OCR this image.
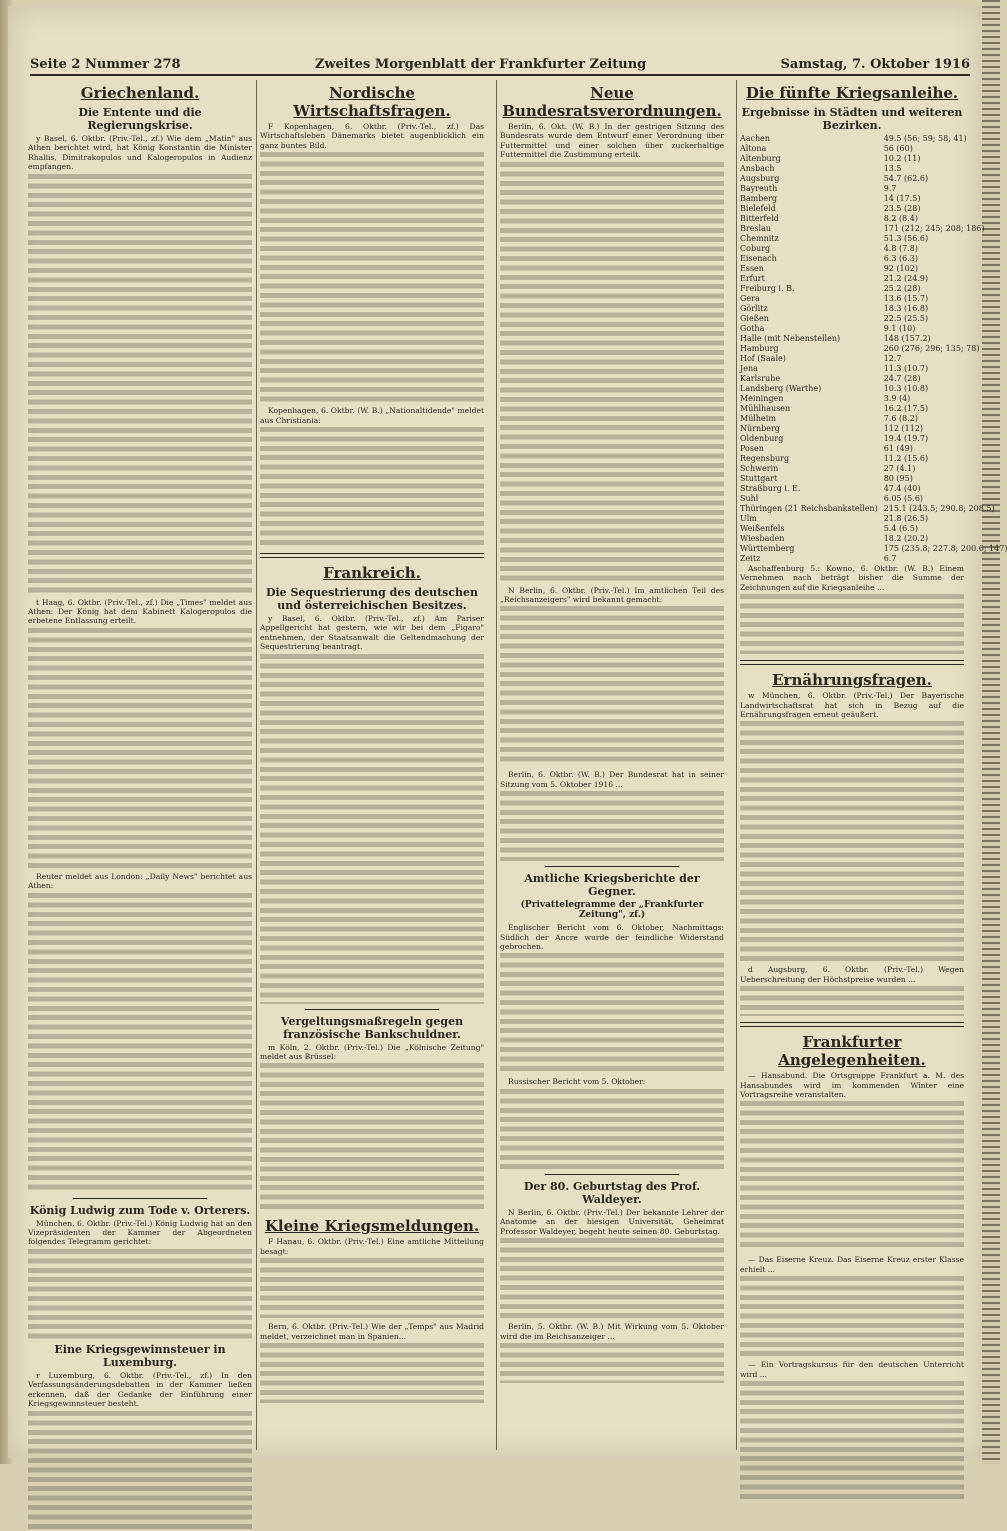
Seite 2 Nummer 278	Zweites Morgenblatt der Frankfurter Zeitung	Samstag, 7. Oktober 1916
Griechenland.
Die Entente und die Regierungskrise.

y Basel, 6. Oktbr. (Priv.-Tel., zf.) Wie dem „Matin" aus Athen berichtet wird, hat König Konstantin die Minister Rhallis, Dimitrakopulos und Kalogeropulos in Audienz empfangen.

t Haag, 6. Oktbr. (Priv.-Tel., zf.) Die „Times" meldet aus Athen: Der König hat dem Kabinett Kalogeropulos die erbetene Entlassung erteilt.

Reuter meldet aus London: „Daily News" berichtet aus Athen:

König Ludwig zum Tode v. Orterers.

München, 6. Oktbr. (Priv.-Tel.) König Ludwig hat an den Vizepräsidenten der Kammer der Abgeordneten folgendes Telegramm gerichtet:

Eine Kriegsgewinnsteuer in Luxemburg.

r Luxemburg, 6. Oktbr. (Priv.-Tel., zf.) In den Verfassungsänderungsdebatten in der Kammer ließen erkennen, daß der Gedanke der Einführung einer Kriegsgewinnsteuer besteht.

Nordische Wirtschaftsfragen.

F Kopenhagen, 6. Oktbr. (Priv.-Tel., zf.) Das Wirtschaftsleben Dänemarks bietet augenblicklich ein ganz buntes Bild.

Kopenhagen, 6. Oktbr. (W. B.) „Nationaltidende" meldet aus Christiania:

Frankreich.
Die Sequestrierung des deutschen und österreichischen Besitzes.

y Basel, 6. Oktbr. (Priv.-Tel., zf.) Am Pariser Appellgericht hat gestern, wie wir bei dem „Figaro" entnehmen, der Staatsanwalt die Geltendmachung der Sequestrierung beantragt.

Vergeltungsmaßregeln gegen französische Bankschuldner.

m Köln, 2. Oktbr. (Priv.-Tel.) Die „Kölnische Zeitung" meldet aus Brüssel:

Kleine Kriegsmeldungen.

F Hanau, 6. Oktbr. (Priv.-Tel.) Eine amtliche Mitteilung besagt:

Bern, 6. Oktbr. (Priv.-Tel.) Wie der „Temps" aus Madrid meldet, verzeichnet man in Spanien...

Neue Bundesratsverordnungen.

Berlin, 6. Okt. (W. B.) In der gestrigen Sitzung des Bundesrats wurde dem Entwurf einer Verordnung über Futtermittel und einer solchen über zuckerhaltige Futtermittel die Zustimmung erteilt.

N Berlin, 6. Oktbr. (Priv.-Tel.) Im amtlichen Teil des „Reichsanzeigers" wird bekannt gemacht:

Berlin, 6. Oktbr. (W. B.) Der Bundesrat hat in seiner Sitzung vom 5. Oktober 1916 ...

Amtliche Kriegsberichte der Gegner.
(Privattelegramme der „Frankfurter Zeitung", zf.)

Englischer Bericht vom 6. Oktober, Nachmittags: Südlich der Ancre wurde der feindliche Widerstand gebrochen.

Russischer Bericht vom 5. Oktober:

Der 80. Geburtstag des Prof. Waldeyer.

N Berlin, 6. Oktbr. (Priv.-Tel.) Der bekannte Lehrer der Anatomie an der hiesigen Universität, Geheimrat Professor Waldeyer, begeht heute seinen 80. Geburtstag.

Berlin, 5. Oktbr. (W. B.) Mit Wirkung vom 5. Oktober wird die im Reichsanzeiger ...

Die fünfte Kriegsanleihe.
Ergebnisse in Städten und weiteren Bezirken.
Aachen	49.5 (56; 59; 58; 41)
Altona	56 (60)
Altenburg	10.2 (11)
Ansbach	13.5
Augsburg	54.7 (62.6)
Bayreuth	9.7
Bamberg	14 (17.5)
Bielefeld	23.5 (28)
Bitterfeld	8.2 (8.4)
Breslau	171 (212; 245; 208; 186)
Chemnitz	51.3 (56.6)
Coburg	4.8 (7.8)
Eisenach	6.3 (6.3)
Essen	92 (102)
Erfurt	21.2 (24.9)
Freiburg i. B.	25.2 (28)
Gera	13.6 (15.7)
Görlitz	18.3 (16.8)
Gießen	22.5 (25.5)
Gotha	9.1 (10)
Halle (mit Nebenstellen)	148 (157.2)
Hamburg	260 (276; 296; 135; 78)
Hof (Saale)	12.7
Jena	11.3 (10.7)
Karlsruhe	24.7 (28)
Landsberg (Warthe)	10.3 (10.8)
Meiningen	3.9 (4)
Mühlhausen	16.2 (17.5)
Mülheim	7.6 (8.2)
Nürnberg	112 (112)
Oldenburg	19.4 (19.7)
Posen	61 (49)
Regensburg	11.2 (15.6)
Schwerin	27 (4.1)
Stuttgart	80 (95)
Straßburg i. E.	47.4 (40)
Suhl	6.05 (5.6)
Thüringen (21 Reichsbankstellen)	215.1 (243.5; 290.8; 208.5)
Ulm	21.8 (26.5)
Weißenfels	5.4 (6.5)
Wiesbaden	18.2 (20.2)
Württemberg	175 (235.8; 227.8; 200.6; 147)
Zeitz	6.7

Aschaffenburg 5.: Kowno, 6. Oktbr. (W. B.) Einem Vernehmen nach beträgt bisher die Summe der Zeichnungen auf die Kriegsanleihe ...

Ernährungsfragen.

w München, 6. Oktbr. (Priv.-Tel.) Der Bayerische Landwirtschaftsrat hat sich in Bezug auf die Ernährungsfragen erneut geäußert.

d Augsburg, 6. Oktbr. (Priv.-Tel.) Wegen Ueberschreitung der Höchstpreise wurden ...

Frankfurter Angelegenheiten.

— Hansabund. Die Ortsgruppe Frankfurt a. M. des Hansabundes wird im kommenden Winter eine Vortragsreihe veranstalten.

— Das Eiserne Kreuz. Das Eiserne Kreuz erster Klasse erhielt ...

— Ein Vortragskursus für den deutschen Unterricht wird ...
